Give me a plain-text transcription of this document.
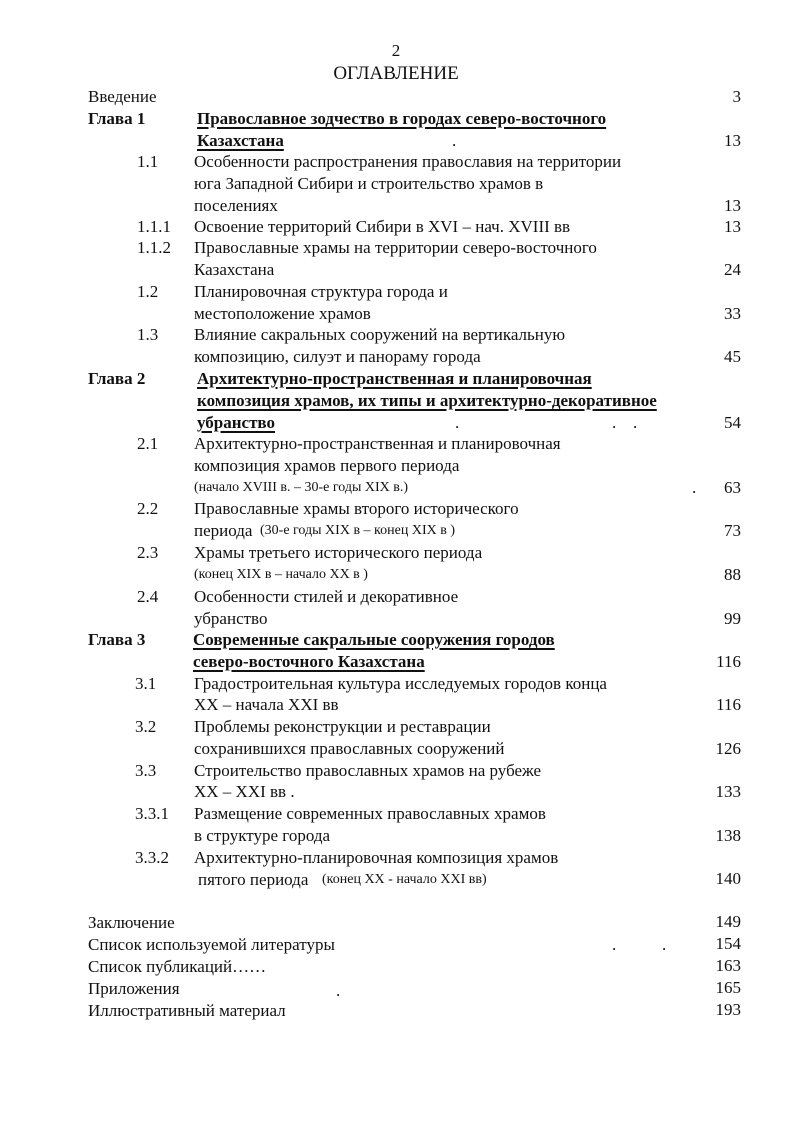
2
ОГЛАВЛЕНИЕ
Введение	3
Глава 1	Православное зодчество в городах северо-восточного
Казахстана	.	13
1.1 Особенности распространения православия на территории
юга Западной Сибири и строительство храмов в
поселениях	13
1.1.1 Освоение территорий Сибири в XVI – нач. XVIII вв	13
1.1.2 Православные храмы на территории северо-восточного
Казахстана	24
1.2 Планировочная структура города и
местоположение храмов	33
1.3 Влияние сакральных сооружений на вертикальную
композицию, силуэт и панораму города	45
Глава 2	Архитектурно-пространственная и планировочная
композиция храмов, их типы и архитектурно-декоративное
убранство	.	. .	54
2.1 Архитектурно-пространственная и планировочная
композиция храмов первого периода
(начало XVIII в. – 30-е годы XIX в.)	. 63
2.2 Православные храмы второго исторического
периода (30-е годы XIX в – конец XIX в )	73
2.3 Храмы третьего исторического периода
(конец XIX в – начало XX в )	88
2.4 Особенности стилей и декоративное
убранство	99
Глава 3	Современные сакральные сооружения городов
северо-восточного Казахстана	116
3.1 Градостроительная культура исследуемых городов конца
XX – начала XXI вв	116
3.2 Проблемы реконструкции и реставрации
сохранившихся православных сооружений	126
3.3 Строительство православных храмов на рубеже
XX – XXI вв .	133
3.3.1 Размещение современных православных храмов
в структуре города	138
3.3.2 Архитектурно-планировочная композиция храмов
пятого периода (конец XX - начало XXI вв)	140
Заключение	149
Список используемой литературы	.	.	154
Список публикаций……	163
Приложения	.	165
Иллюстративный материал	193
